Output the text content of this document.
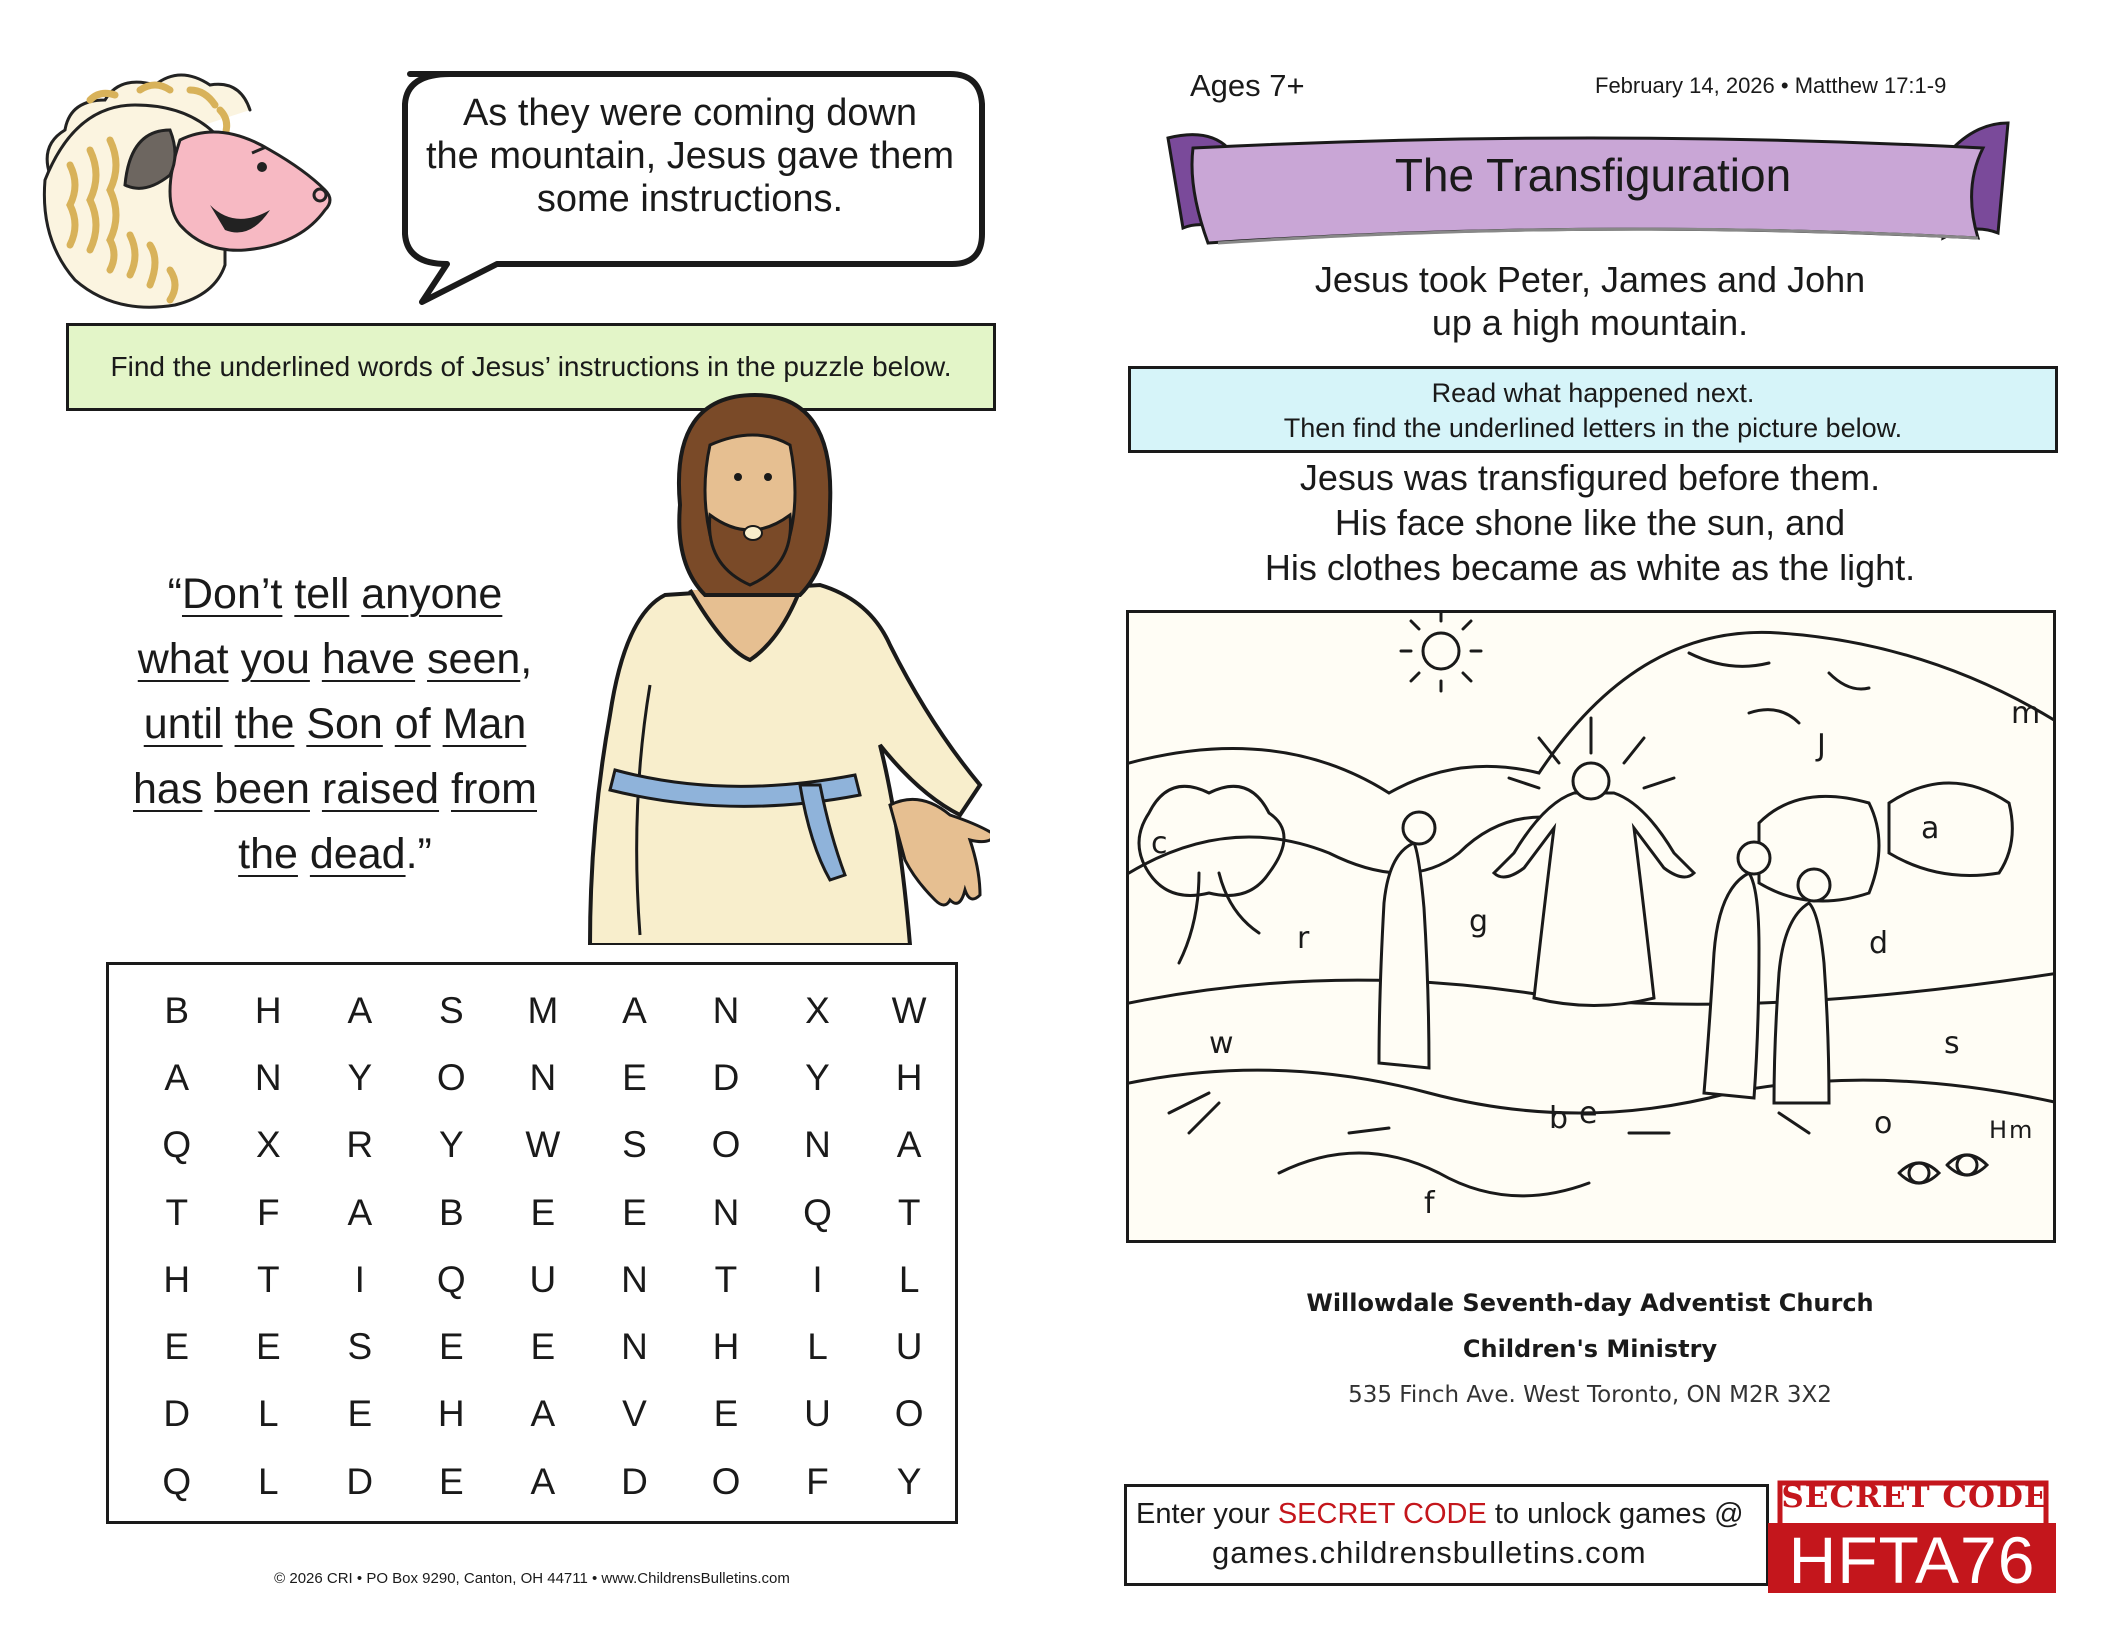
As they were coming down
the mountain, Jesus gave them
some instructions.
Find the underlined words of Jesus’ instructions in the puzzle below.
“Don’t tell anyone
what you have seen,
until the Son of Man
has been raised from
the dead.”
B	H	A	S	M	A	N	X	W
A	N	Y	O	N	E	D	Y	H
Q	X	R	Y	W	S	O	N	A
T	F	A	B	E	E	N	Q	T
H	T	I	Q	U	N	T	I	L
E	E	S	E	E	N	H	L	U
D	L	E	H	A	V	E	U	O
Q	L	D	E	A	D	O	F	Y
© 2026 CRI • PO Box 9290, Canton, OH 44711 • www.ChildrensBulletins.com
Ages 7+	February 14, 2026 • Matthew 17:1-9
The Transfiguration
Jesus took Peter, James and John
up a high mountain.
Read what happened next.
Then find the underlined letters in the picture below.
Jesus was transfigured before them.
His face shone like the sun, and
His clothes became as white as the light.
m
J
a
c
r	g
d
w	s
b e	H m
o
f
Willowdale Seventh-day Adventist Church
Children's Ministry
535 Finch Ave. West Toronto, ON M2R 3X2
Enter your SECRET CODE to unlock games @
games.childrensbulletins.com
SECRET CODE
HFTA76
